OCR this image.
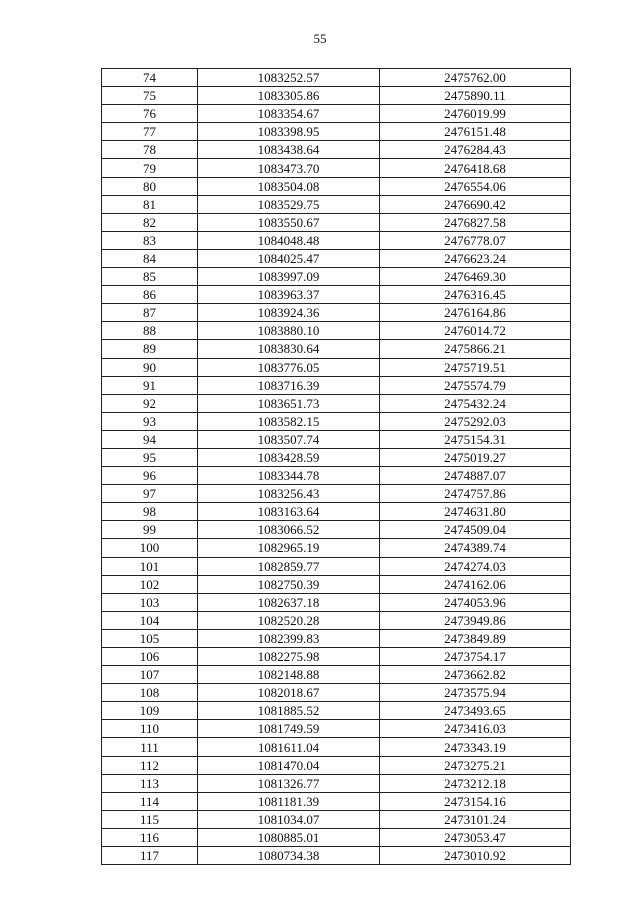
55
74	1083252.57	2475762.00
75	1083305.86	2475890.11
76	1083354.67	2476019.99
77	1083398.95	2476151.48
78	1083438.64	2476284.43
79	1083473.70	2476418.68
80	1083504.08	2476554.06
81	1083529.75	2476690.42
82	1083550.67	2476827.58
83	1084048.48	2476778.07
84	1084025.47	2476623.24
85	1083997.09	2476469.30
86	1083963.37	2476316.45
87	1083924.36	2476164.86
88	1083880.10	2476014.72
89	1083830.64	2475866.21
90	1083776.05	2475719.51
91	1083716.39	2475574.79
92	1083651.73	2475432.24
93	1083582.15	2475292.03
94	1083507.74	2475154.31
95	1083428.59	2475019.27
96	1083344.78	2474887.07
97	1083256.43	2474757.86
98	1083163.64	2474631.80
99	1083066.52	2474509.04
100	1082965.19	2474389.74
101	1082859.77	2474274.03
102	1082750.39	2474162.06
103	1082637.18	2474053.96
104	1082520.28	2473949.86
105	1082399.83	2473849.89
106	1082275.98	2473754.17
107	1082148.88	2473662.82
108	1082018.67	2473575.94
109	1081885.52	2473493.65
110	1081749.59	2473416.03
111	1081611.04	2473343.19
112	1081470.04	2473275.21
113	1081326.77	2473212.18
114	1081181.39	2473154.16
115	1081034.07	2473101.24
116	1080885.01	2473053.47
117	1080734.38	2473010.92
